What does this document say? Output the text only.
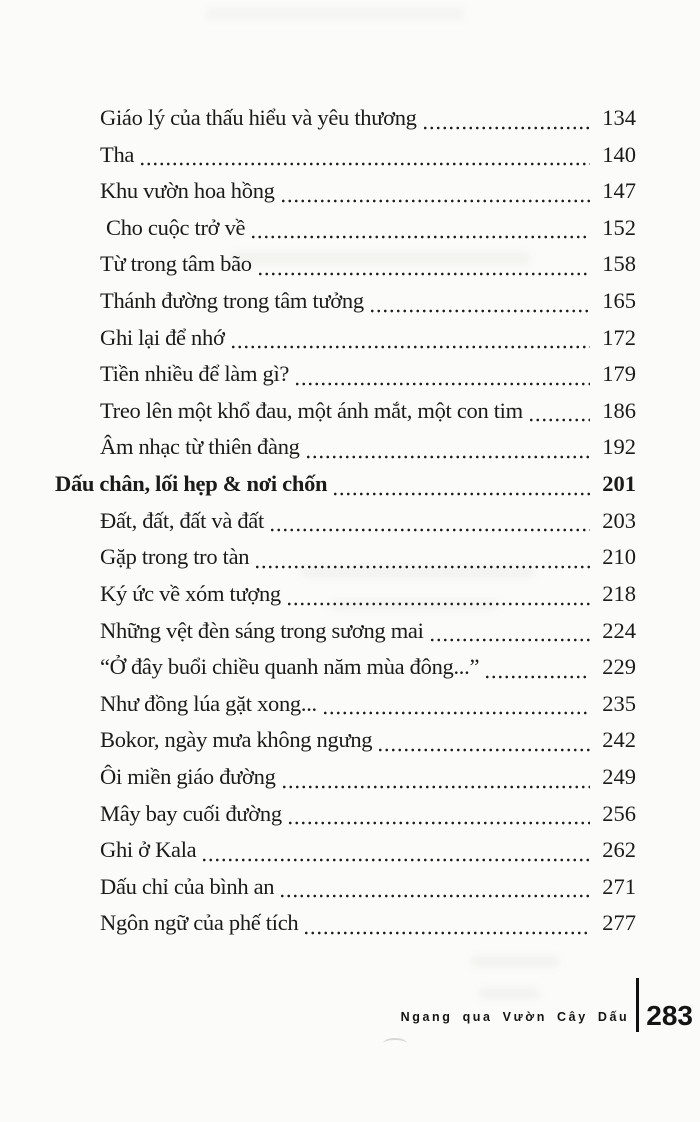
Giáo lý của thấu hiểu và yêu thương	134
Tha	140
Khu vườn hoa hồng	147
Cho cuộc trở về	152
Từ trong tâm bão	158
Thánh đường trong tâm tưởng	165
Ghi lại để nhớ	172
Tiền nhiều để làm gì?	179
Treo lên một khổ đau, một ánh mắt, một con tim	186
Âm nhạc từ thiên đàng	192
Dấu chân, lối hẹp & nơi chốn	201
Đất, đất, đất và đất	203
Gặp trong tro tàn	210
Ký ức về xóm tượng	218
Những vệt đèn sáng trong sương mai	224
“Ở đây buổi chiều quanh năm mùa đông...”	229
Như đồng lúa gặt xong...	235
Bokor, ngày mưa không ngưng	242
Ôi miền giáo đường	249
Mây bay cuối đường	256
Ghi ở Kala	262
Dấu chỉ của bình an	271
Ngôn ngữ của phế tích	277
Ngang qua Vườn Cây Dấu 283
